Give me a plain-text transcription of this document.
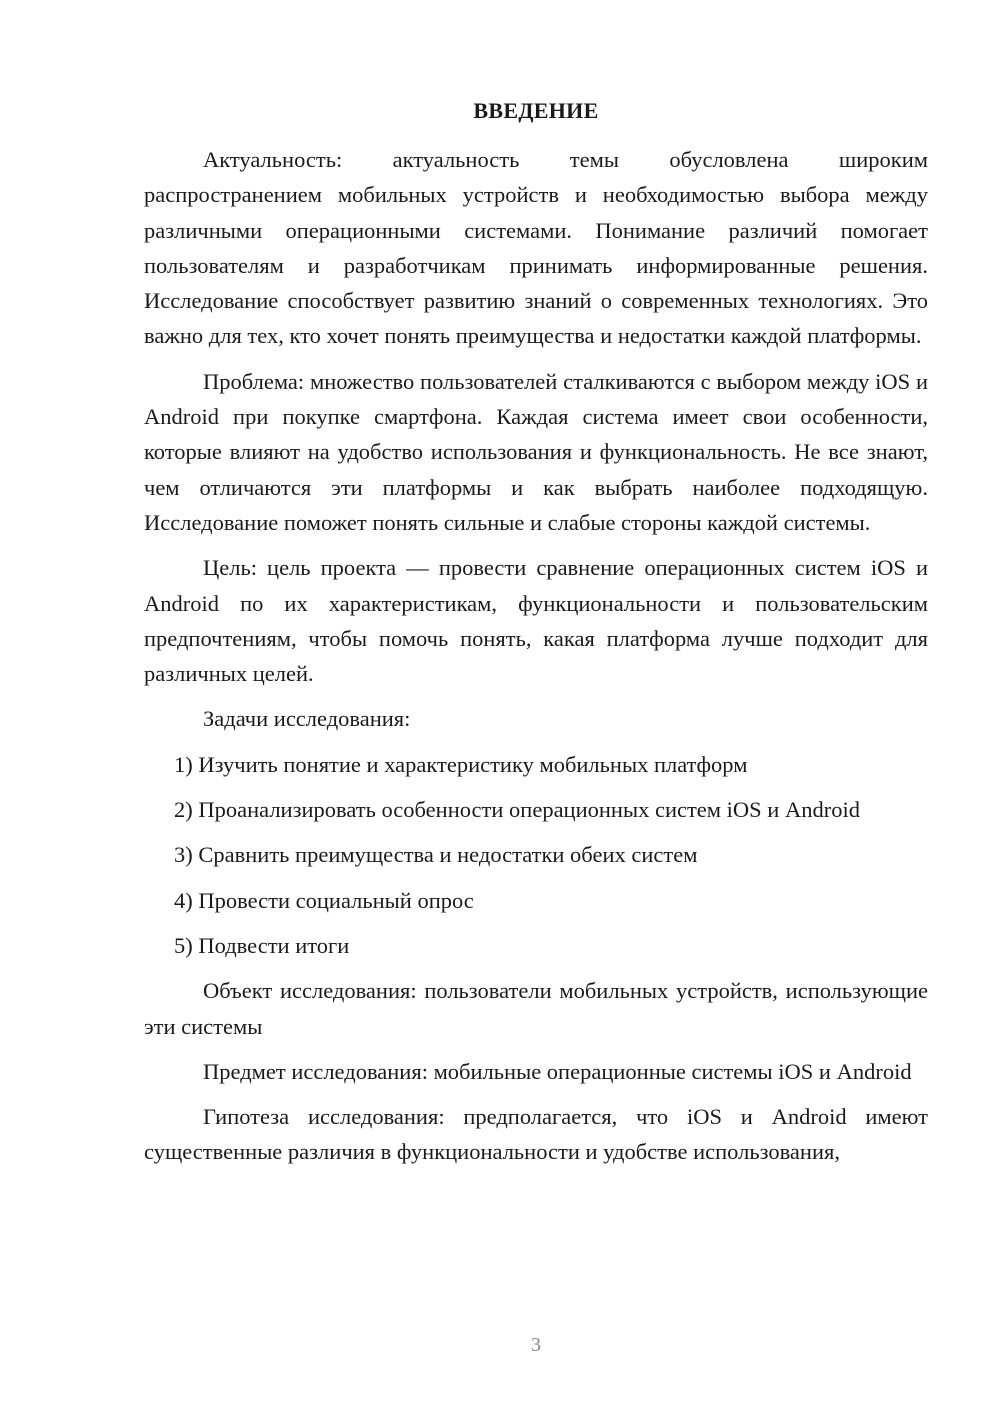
ВВЕДЕНИЕ

Актуальность: актуальность темы обусловлена широким распространением мобильных устройств и необходимостью выбора между различными операционными системами. Понимание различий помогает пользователям и разработчикам принимать информированные решения. Исследование способствует развитию знаний о современных технологиях. Это важно для тех, кто хочет понять преимущества и недостатки каждой платформы.

Проблема: множество пользователей сталкиваются с выбором между iOS и Android при покупке смартфона. Каждая система имеет свои особенности, которые влияют на удобство использования и функциональность. Не все знают, чем отличаются эти платформы и как выбрать наиболее подходящую. Исследование поможет понять сильные и слабые стороны каждой системы.

Цель: цель проекта — провести сравнение операционных систем iOS и Android по их характеристикам, функциональности и пользовательским предпочтениям, чтобы помочь понять, какая платформа лучше подходит для различных целей.

Задачи исследования:

1) Изучить понятие и характеристику мобильных платформ

2) Проанализировать особенности операционных систем iOS и Android

3) Сравнить преимущества и недостатки обеих систем

4) Провести социальный опрос

5) Подвести итоги

Объект исследования: пользователи мобильных устройств, использующие эти системы

Предмет исследования: мобильные операционные системы iOS и Android

Гипотеза исследования: предполагается, что iOS и Android имеют существенные различия в функциональности и удобстве использования,

3
